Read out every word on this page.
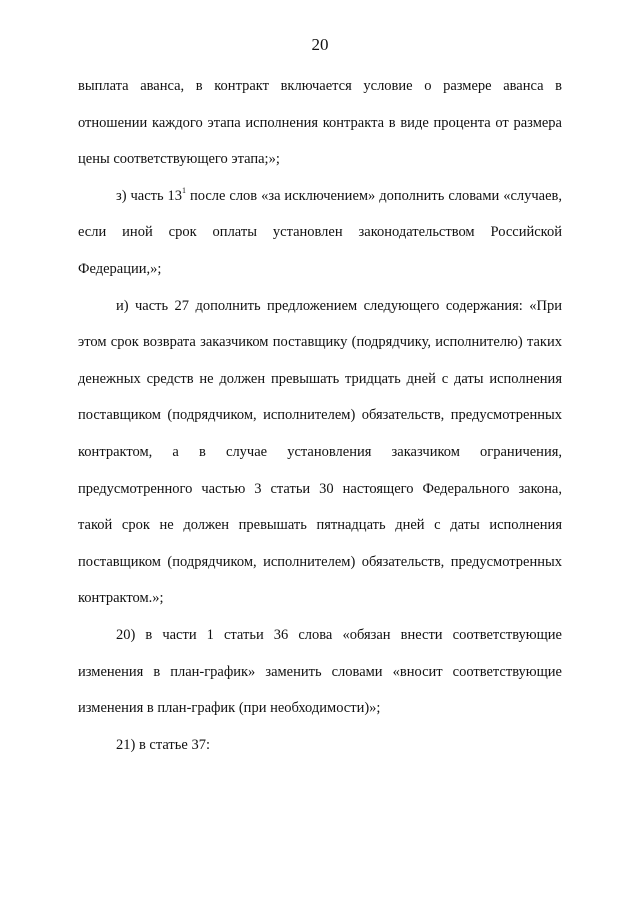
20

выплата аванса, в контракт включается условие о размере аванса в отношении каждого этапа исполнения контракта в виде процента от размера цены соответствующего этапа;»;

з) часть $13^1$ после слов «за исключением» дополнить словами «случаев, если иной срок оплаты установлен законодательством Российской Федерации,»;

и) часть 27 дополнить предложением следующего содержания: «При этом срок возврата заказчиком поставщику (подрядчику, исполнителю) таких денежных средств не должен превышать тридцать дней с даты исполнения поставщиком (подрядчиком, исполнителем) обязательств, предусмотренных контрактом, а в случае установления заказчиком ограничения, предусмотренного частью 3 статьи 30 настоящего Федерального закона, такой срок не должен превышать пятнадцать дней с даты исполнения поставщиком (подрядчиком, исполнителем) обязательств, предусмотренных контрактом.»;

20) в части 1 статьи 36 слова «обязан внести соответствующие изменения в план-график» заменить словами «вносит соответствующие изменения в план-график (при необходимости)»;

21) в статье 37:
